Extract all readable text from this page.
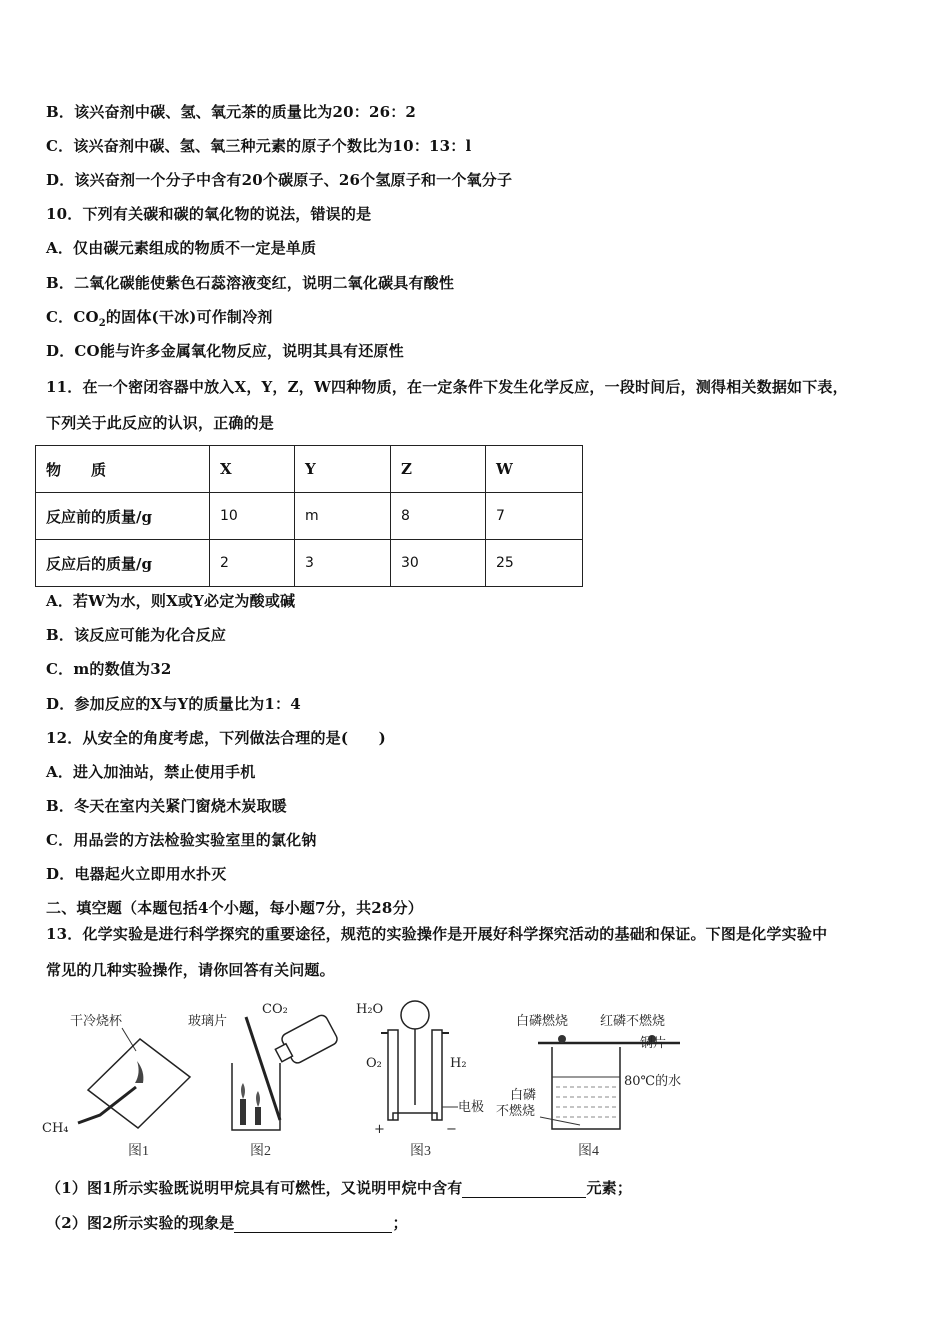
B．该兴奋剂中碳、氢、氧元茶的质量比为20：26：2
C．该兴奋剂中碳、氢、氧三种元素的原子个数比为10：13：l
D．该兴奋剂一个分子中含有20个碳原子、26个氢原子和一个氧分子
10．下列有关碳和碳的氧化物的说法，错误的是
A．仅由碳元素组成的物质不一定是单质
B．二氧化碳能使紫色石蕊溶液变红，说明二氧化碳具有酸性
C．$CO_2$的固体(干冰)可作制冷剂
D．CO能与许多金属氧化物反应，说明其具有还原性
11．在一个密闭容器中放入X，Y，Z，W四种物质，在一定条件下发生化学反应，一段时间后，测得相关数据如下表，
下列关于此反应的认识，正确的是
物　　质	X	Y	Z	W
反应前的质量/g	10	m	8	7
反应后的质量/g	2	3	30	25
A．若W为水，则X或Y必定为酸或碱
B．该反应可能为化合反应
C．m的数值为32
D．参加反应的X与Y的质量比为1：4
12．从安全的角度考虑，下列做法合理的是(　　)
A．进入加油站，禁止使用手机
B．冬天在室内关紧门窗烧木炭取暖
C．用品尝的方法检验实验室里的氯化钠
D．电器起火立即用水扑灭
二、填空题（本题包括4个小题，每小题7分，共28分）
13．化学实验是进行科学探究的重要途径，规范的实验操作是开展好科学探究活动的基础和保证。下图是化学实验中
常见的几种实验操作，请你回答有关问题。
干冷烧杯
CH₄
图1
玻璃片
CO₂
图2
H₂O
O₂	H₂
电极
+	−
图3
白磷燃烧 红磷不燃烧
铜片
80℃的水
白磷
不燃烧
图4
（1）图1所示实验既说明甲烷具有可燃性，又说明甲烷中含有	元素；
（2）图2所示实验的现象是	；
